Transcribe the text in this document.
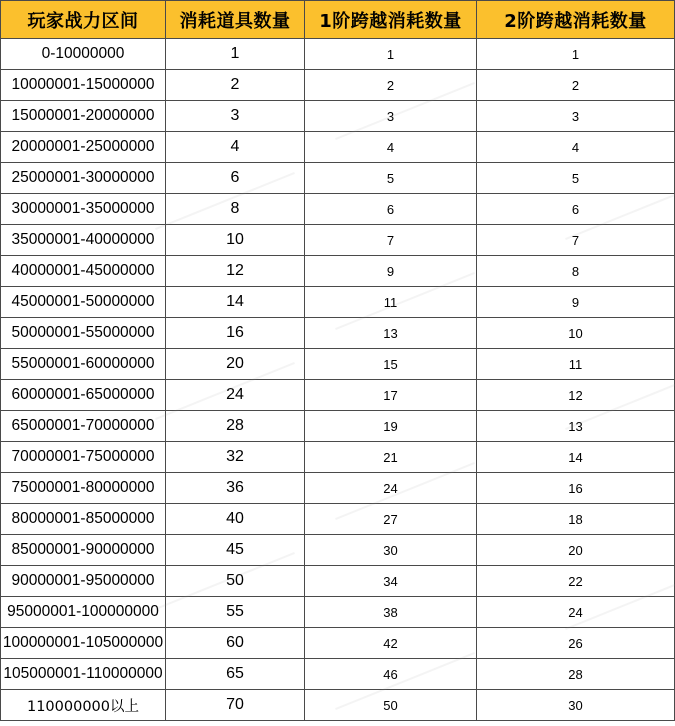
玩家战力区间	消耗道具数量	1阶跨越消耗数量	2阶跨越消耗数量
0-10000000	1	1	1
10000001-15000000	2	2	2
15000001-20000000	3	3	3
20000001-25000000	4	4	4
25000001-30000000	6	5	5
30000001-35000000	8	6	6
35000001-40000000	10	7	7
40000001-45000000	12	9	8
45000001-50000000	14	11	9
50000001-55000000	16	13	10
55000001-60000000	20	15	11
60000001-65000000	24	17	12
65000001-70000000	28	19	13
70000001-75000000	32	21	14
75000001-80000000	36	24	16
80000001-85000000	40	27	18
85000001-90000000	45	30	20
90000001-95000000	50	34	22
95000001-100000000	55	38	24
100000001-105000000	60	42	26
105000001-110000000	65	46	28
110000000以上	70	50	30
